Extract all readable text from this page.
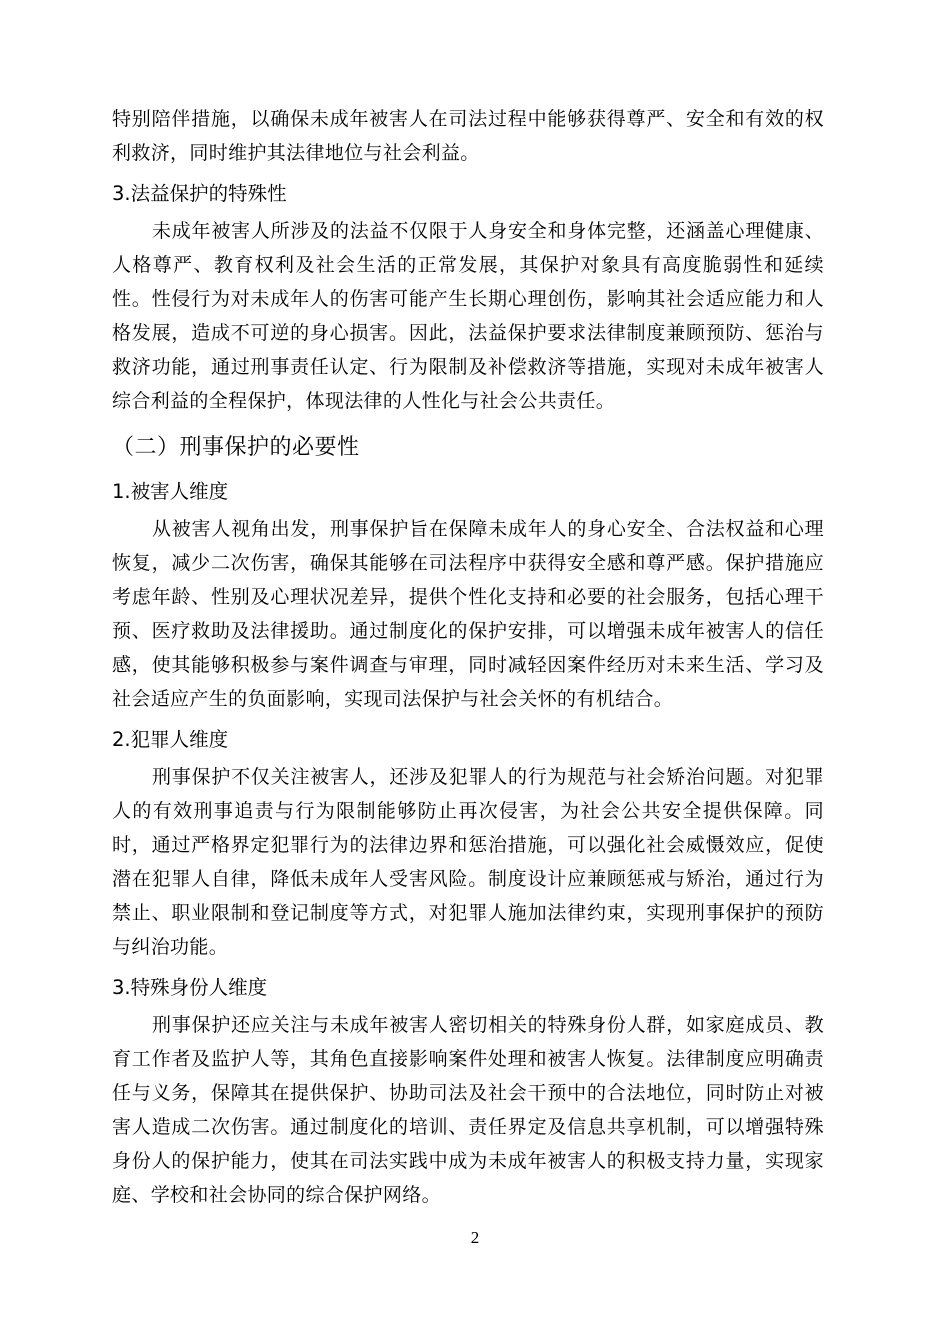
特别陪伴措施，以确保未成年被害人在司法过程中能够获得尊严、安全和有效的权利救济，同时维护其法律地位与社会利益。

3.法益保护的特殊性

未成年被害人所涉及的法益不仅限于人身安全和身体完整，还涵盖心理健康、人格尊严、教育权利及社会生活的正常发展，其保护对象具有高度脆弱性和延续性。性侵行为对未成年人的伤害可能产生长期心理创伤，影响其社会适应能力和人格发展，造成不可逆的身心损害。因此，法益保护要求法律制度兼顾预防、惩治与救济功能，通过刑事责任认定、行为限制及补偿救济等措施，实现对未成年被害人综合利益的全程保护，体现法律的人性化与社会公共责任。

（二）刑事保护的必要性
1.被害人维度

从被害人视角出发，刑事保护旨在保障未成年人的身心安全、合法权益和心理恢复，减少二次伤害，确保其能够在司法程序中获得安全感和尊严感。保护措施应考虑年龄、性别及心理状况差异，提供个性化支持和必要的社会服务，包括心理干预、医疗救助及法律援助。通过制度化的保护安排，可以增强未成年被害人的信任感，使其能够积极参与案件调查与审理，同时减轻因案件经历对未来生活、学习及社会适应产生的负面影响，实现司法保护与社会关怀的有机结合。

2.犯罪人维度

刑事保护不仅关注被害人，还涉及犯罪人的行为规范与社会矫治问题。对犯罪人的有效刑事追责与行为限制能够防止再次侵害，为社会公共安全提供保障。同时，通过严格界定犯罪行为的法律边界和惩治措施，可以强化社会威慑效应，促使潜在犯罪人自律，降低未成年人受害风险。制度设计应兼顾惩戒与矫治，通过行为禁止、职业限制和登记制度等方式，对犯罪人施加法律约束，实现刑事保护的预防与纠治功能。

3.特殊身份人维度

刑事保护还应关注与未成年被害人密切相关的特殊身份人群，如家庭成员、教育工作者及监护人等，其角色直接影响案件处理和被害人恢复。法律制度应明确责任与义务，保障其在提供保护、协助司法及社会干预中的合法地位，同时防止对被害人造成二次伤害。通过制度化的培训、责任界定及信息共享机制，可以增强特殊身份人的保护能力，使其在司法实践中成为未成年被害人的积极支持力量，实现家庭、学校和社会协同的综合保护网络。

2
